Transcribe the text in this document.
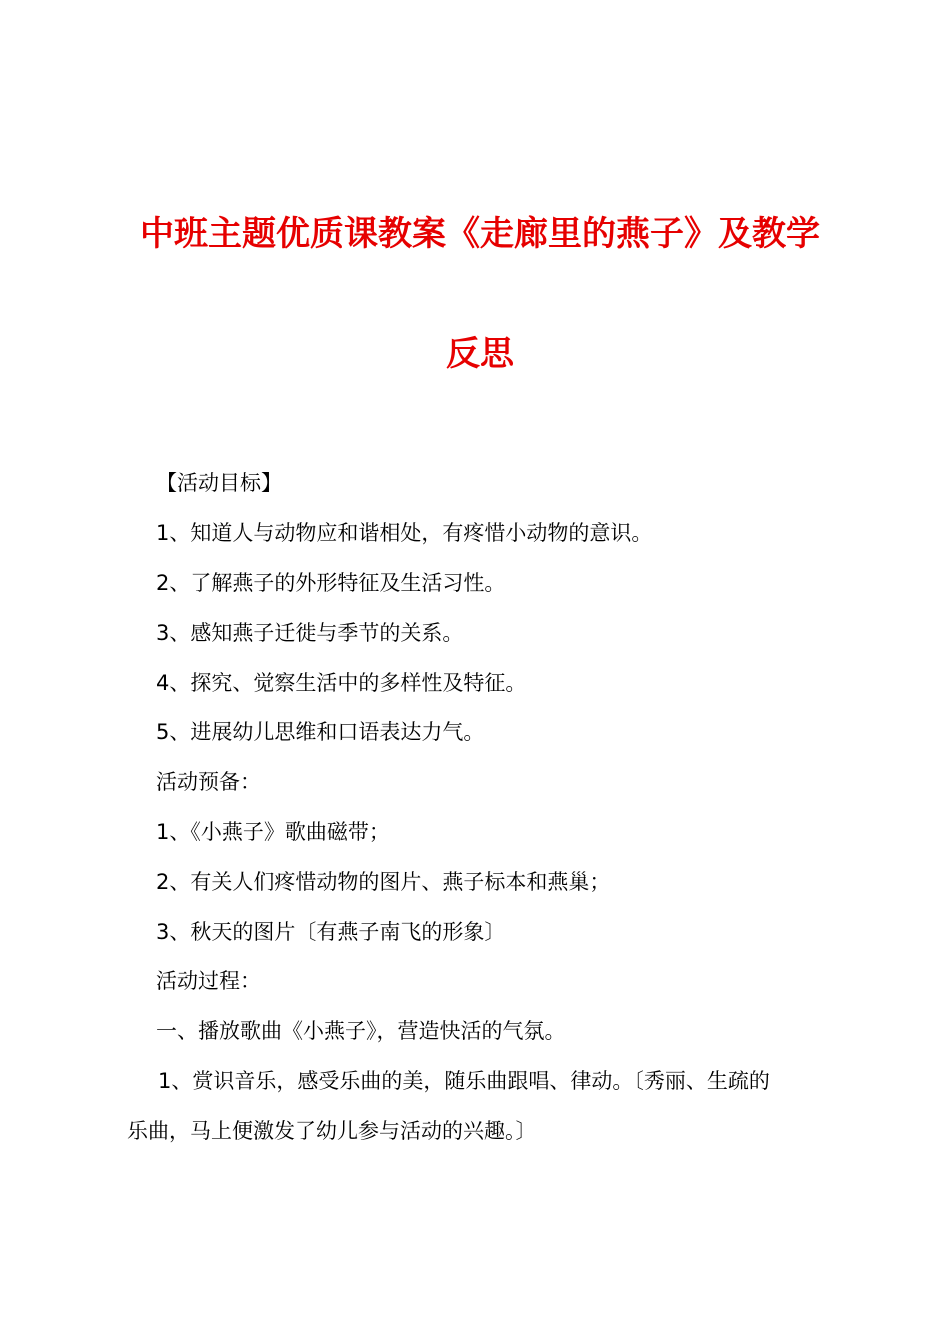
中班主题优质课教案《走廊里的燕子》及教学
反思
【活动目标】
1、知道人与动物应和谐相处，有疼惜小动物的意识。
2、了解燕子的外形特征及生活习性。
3、感知燕子迁徙与季节的关系。
4、探究、觉察生活中的多样性及特征。
5、进展幼儿思维和口语表达力气。
活动预备：
1、《小燕子》歌曲磁带；
2、有关人们疼惜动物的图片、燕子标本和燕巢；
3、秋天的图片〔有燕子南飞的形象〕
活动过程：
一、播放歌曲《小燕子》，营造快活的气氛。
1、赏识音乐，感受乐曲的美，随乐曲跟唱、律动。〔秀丽、生疏的
乐曲，马上便激发了幼儿参与活动的兴趣。〕
